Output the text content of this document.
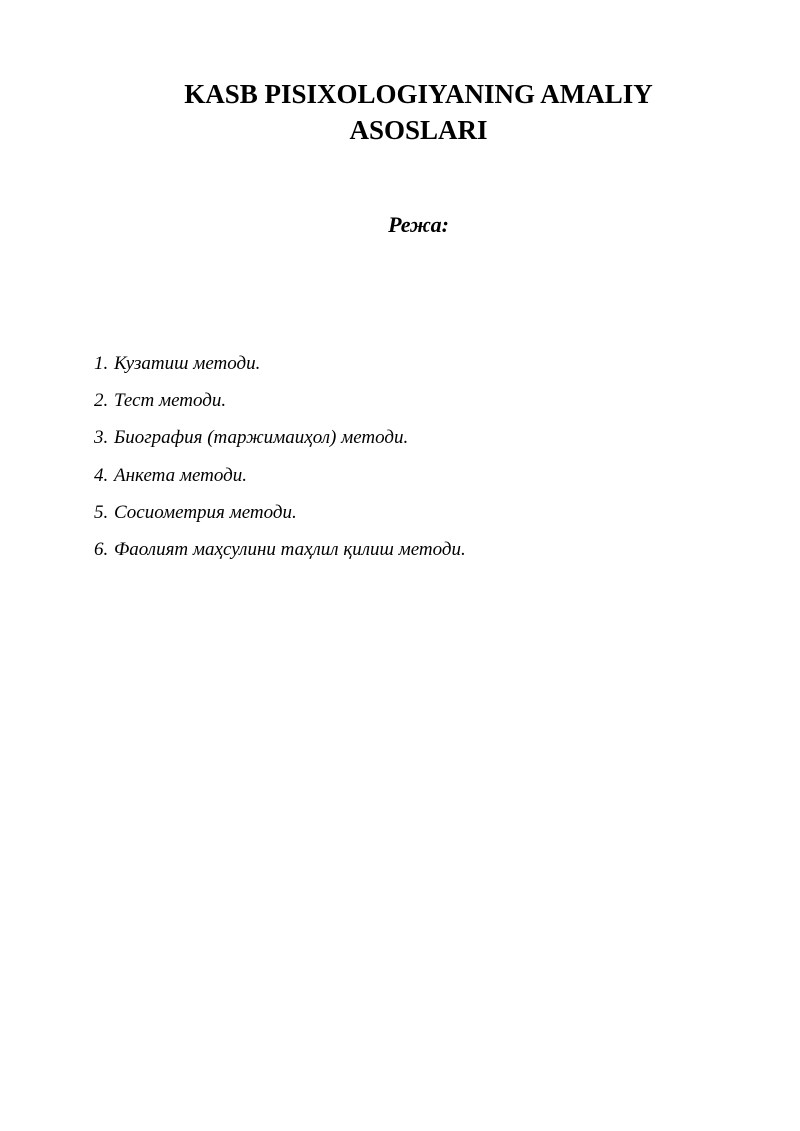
KASB PISIXOLOGIYANING AMALIY
ASOSLARI
Режа:
1. Кузатиш методи.
2. Тест методи.
3. Биография (таржимаиҳол) методи.
4. Анкета методи.
5. Сосиометрия методи.
6. Фаолият маҳсулини таҳлил қилиш методи.
